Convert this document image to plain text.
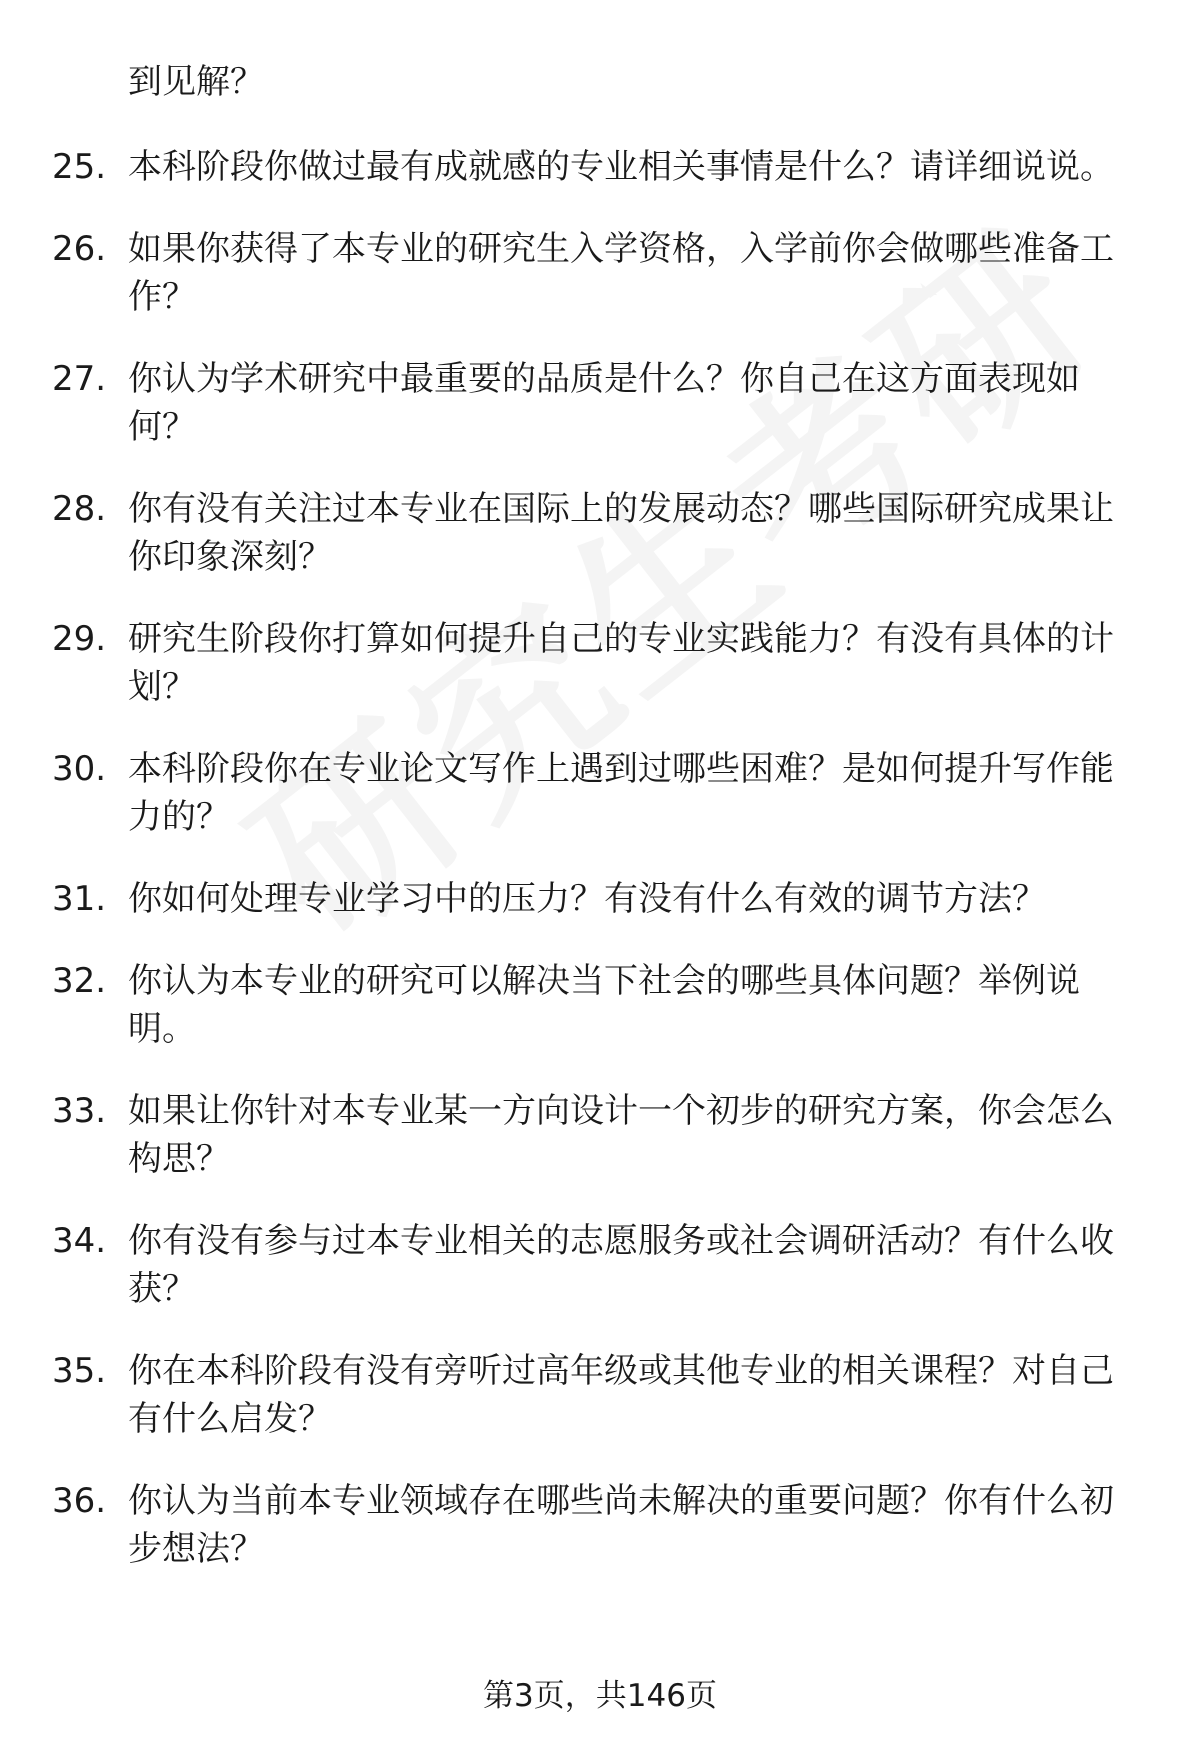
到见解？
25. 本科阶段你做过最有成就感的专业相关事情是什么？请详细说说。
26. 如果你获得了本专业的研究生入学资格，入学前你会做哪些准备工作？
27. 你认为学术研究中最重要的品质是什么？你自己在这方面表现如何？
28. 你有没有关注过本专业在国际上的发展动态？哪些国际研究成果让你印象深刻？
29. 研究生阶段你打算如何提升自己的专业实践能力？有没有具体的计划？
30. 本科阶段你在专业论文写作上遇到过哪些困难？是如何提升写作能力的？
31. 你如何处理专业学习中的压力？有没有什么有效的调节方法？
32. 你认为本专业的研究可以解决当下社会的哪些具体问题？举例说明。
33. 如果让你针对本专业某一方向设计一个初步的研究方案，你会怎么构思？
34. 你有没有参与过本专业相关的志愿服务或社会调研活动？有什么收获？
35. 你在本科阶段有没有旁听过高年级或其他专业的相关课程？对自己有什么启发？
36. 你认为当前本专业领域存在哪些尚未解决的重要问题？你有什么初步想法？
第3页，共146页
